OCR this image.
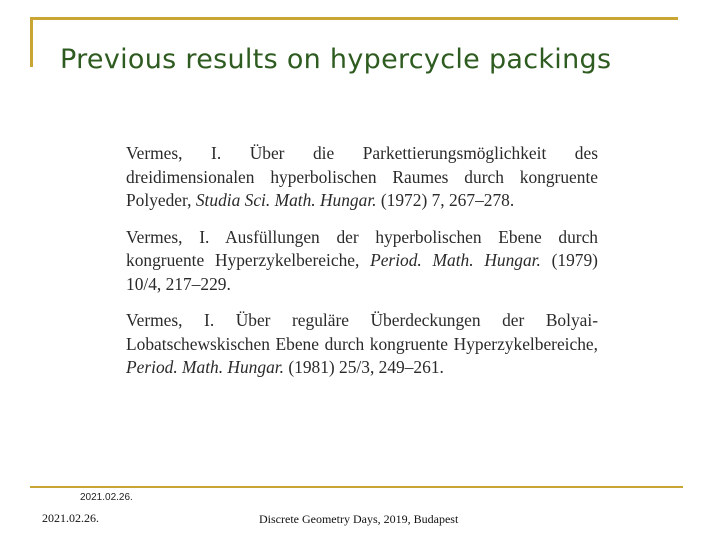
Previous results on hypercycle packings

Vermes, I. Über die Parkettierungsmöglichkeit des dreidimensionalen hyperbolischen Raumes durch kongruente Polyeder, Studia Sci. Math. Hungar. (1972) 7, 267–278.

Vermes, I. Ausfüllungen der hyperbolischen Ebene durch kongruente Hyperzykelbereiche, Period. Math. Hungar. (1979) 10/4, 217–229.

Vermes, I. Über reguläre Überdeckungen der Bolyai-Lobatschewskischen Ebene durch kongruente Hyperzykelbereiche, Period. Math. Hungar. (1981) 25/3, 249–261.

2021.02.26.
2021.02.26.	Discrete Geometry Days, 2019, Budapest
